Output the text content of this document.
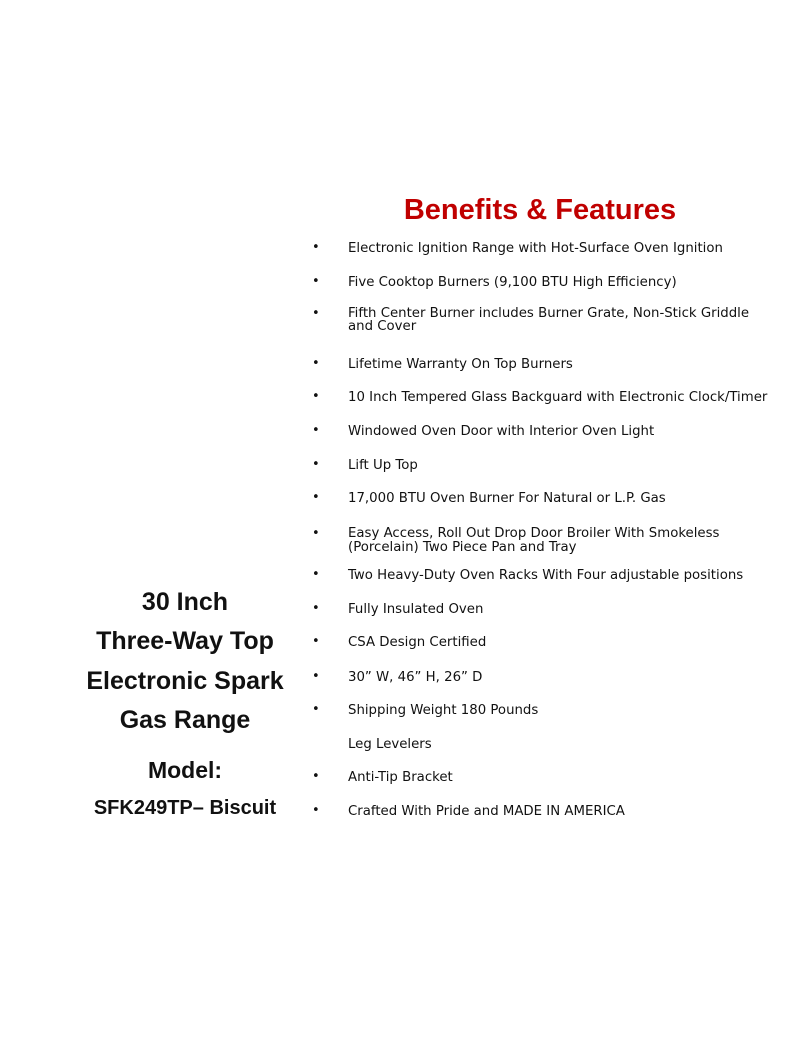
Benefits & Features
• Electronic Ignition Range with Hot-Surface Oven Ignition
• Five Cooktop Burners (9,100 BTU High Efficiency)
• Fifth Center Burner includes Burner Grate, Non-Stick Griddle
and Cover
• Lifetime Warranty On Top Burners
• 10 Inch Tempered Glass Backguard with Electronic Clock/Timer
• Windowed Oven Door with Interior Oven Light
• Lift Up Top
• 17,000 BTU Oven Burner For Natural or L.P. Gas
• Easy Access, Roll Out Drop Door Broiler With Smokeless
(Porcelain) Two Piece Pan and Tray
• Two Heavy-Duty Oven Racks With Four adjustable positions
• Fully Insulated Oven
• CSA Design Certified
• 30” W, 46” H, 26” D
• Shipping Weight 180 Pounds
Leg Levelers
• Anti-Tip Bracket
• Crafted With Pride and MADE IN AMERICA
30 Inch
Three-Way Top
Electronic Spark
Gas Range
Model:
SFK249TP– Biscuit
